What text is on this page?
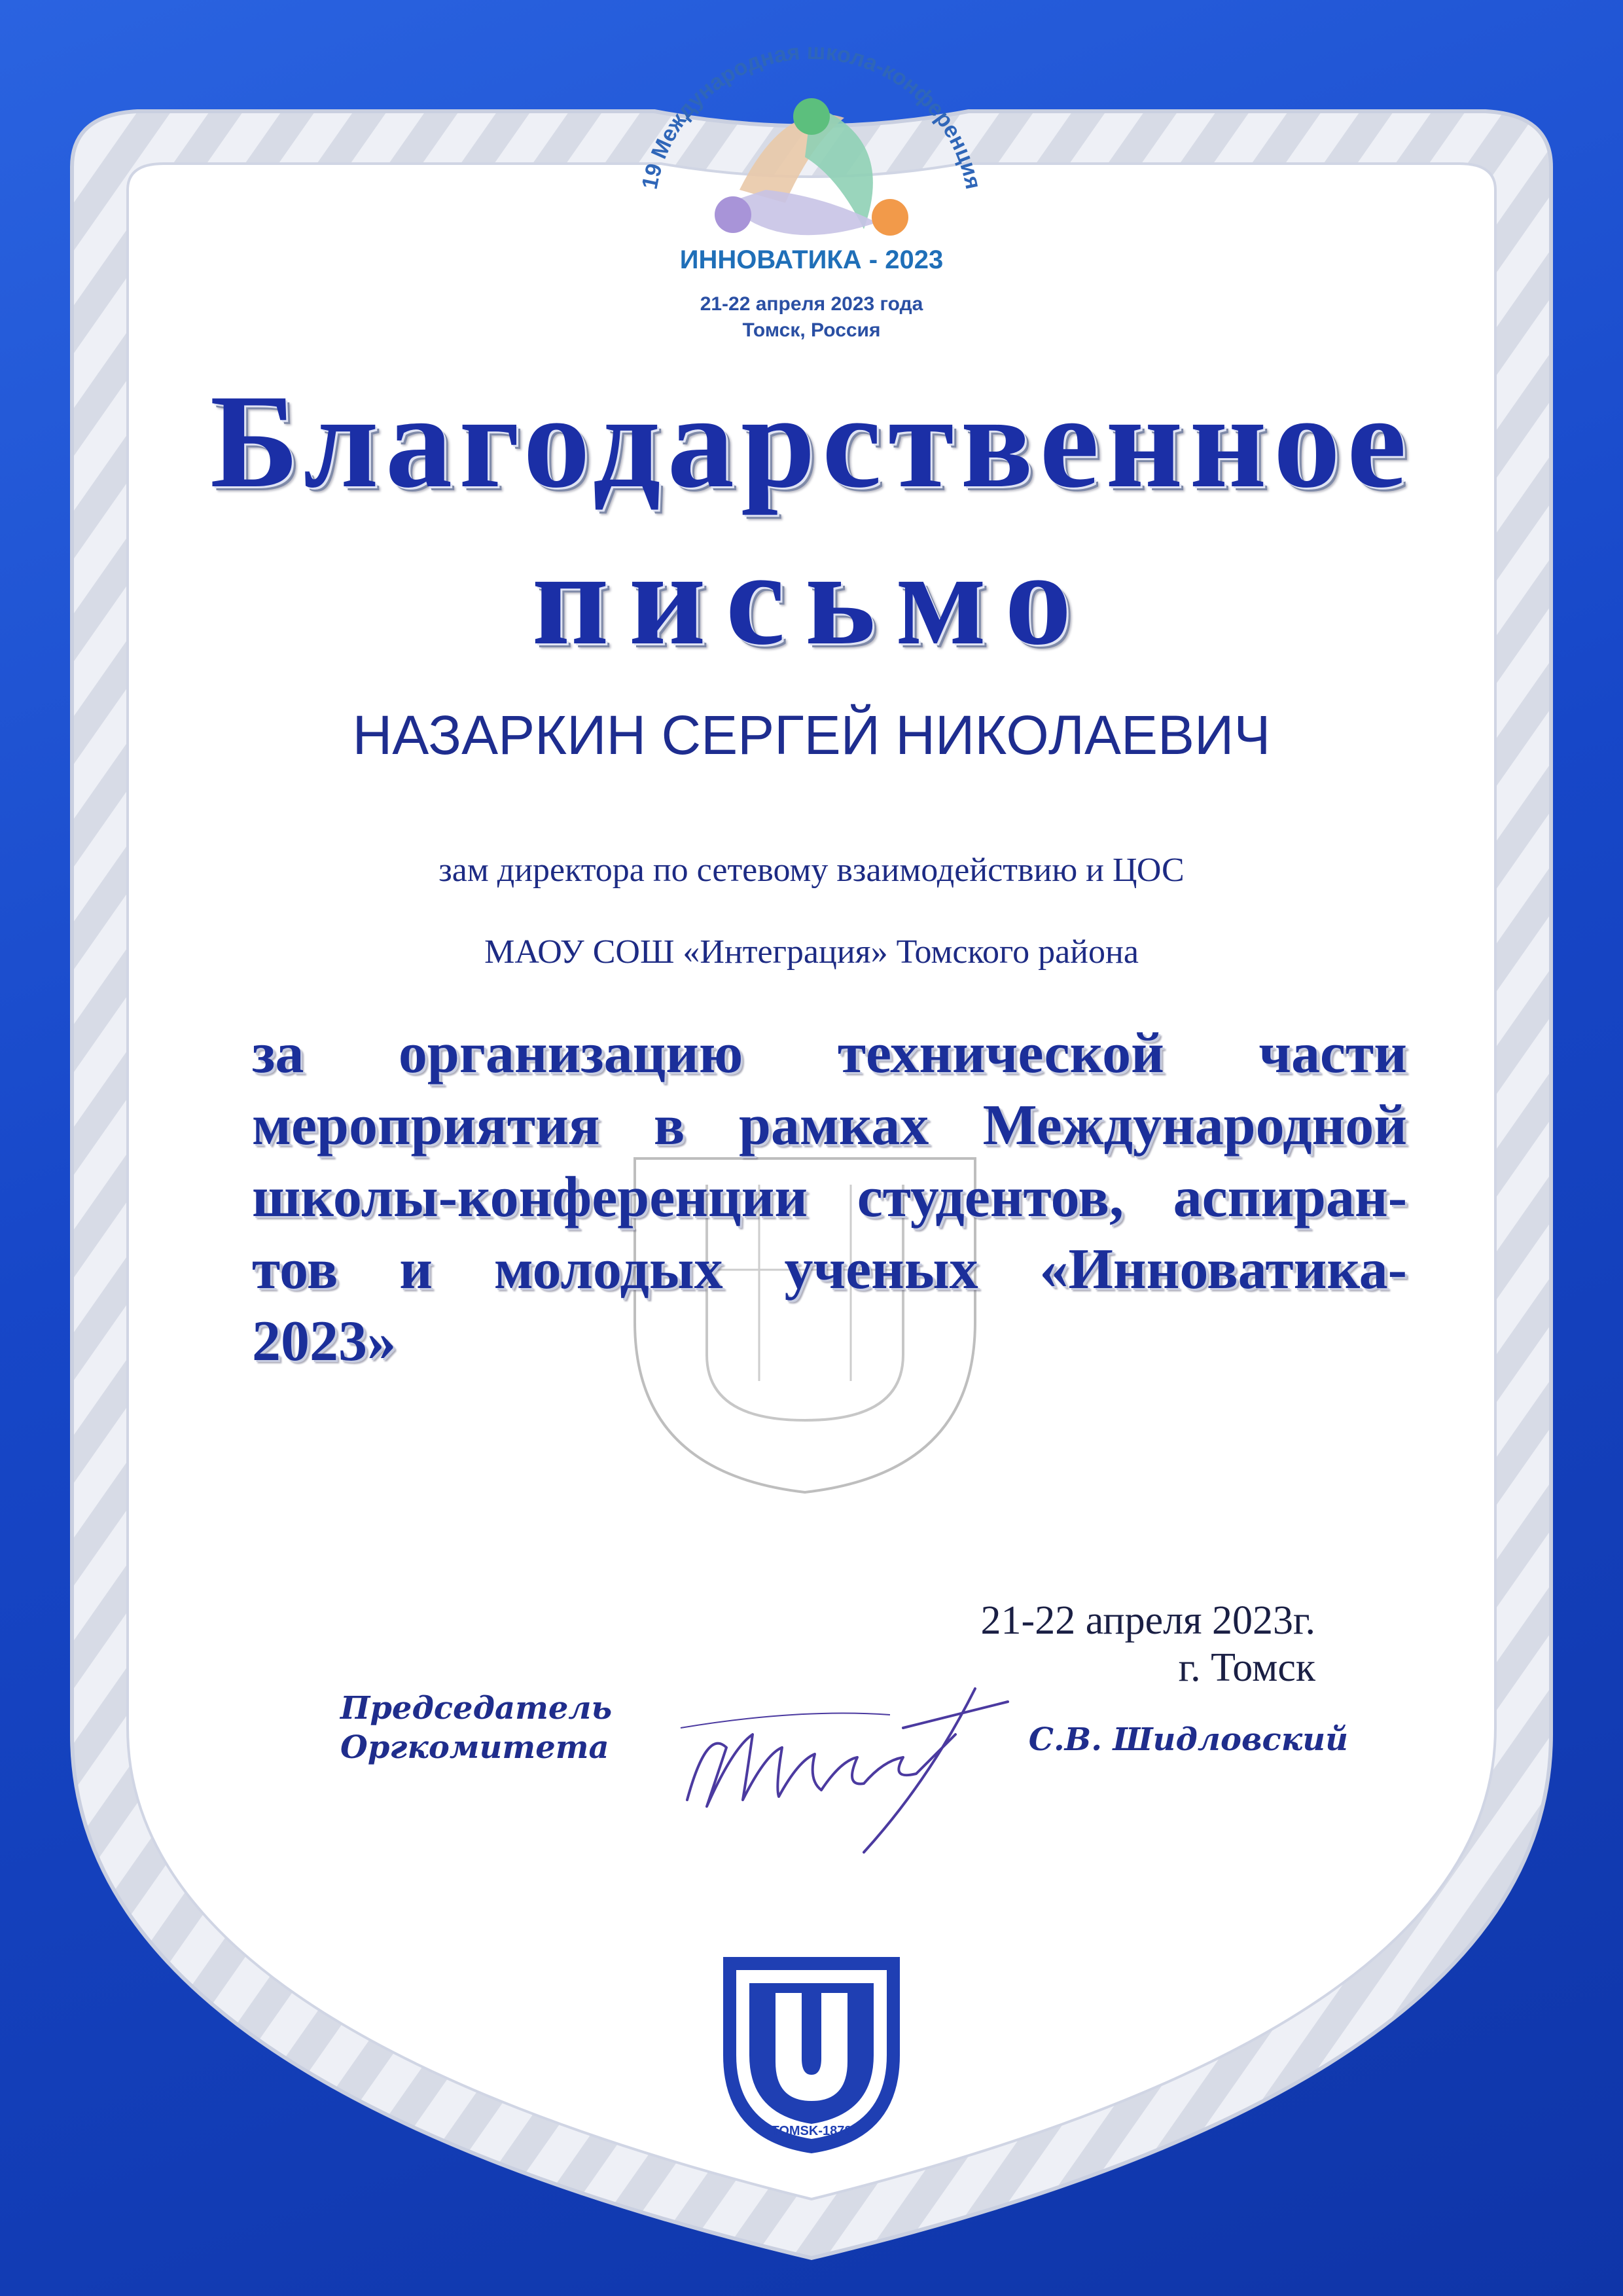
19 Международная школа-конференция
ИННОВАТИКА - 2023
21-22 апреля 2023 года
Томск, Россия
Благодарственное
письмо
НАЗАРКИН СЕРГЕЙ НИКОЛАЕВИЧ
зам директора по сетевому взаимодействию и ЦОС
МАОУ СОШ «Интеграция» Томского района
за организацию технической части
мероприятия в рамках Международной
школы-конференции студентов, аспиран-
тов и молодых ученых «Инноватика-
2023»
21-22 апреля 2023г.
г. Томск
Председатель
Оргкомитета	С.В. Шидловский
TOMSK-1878
